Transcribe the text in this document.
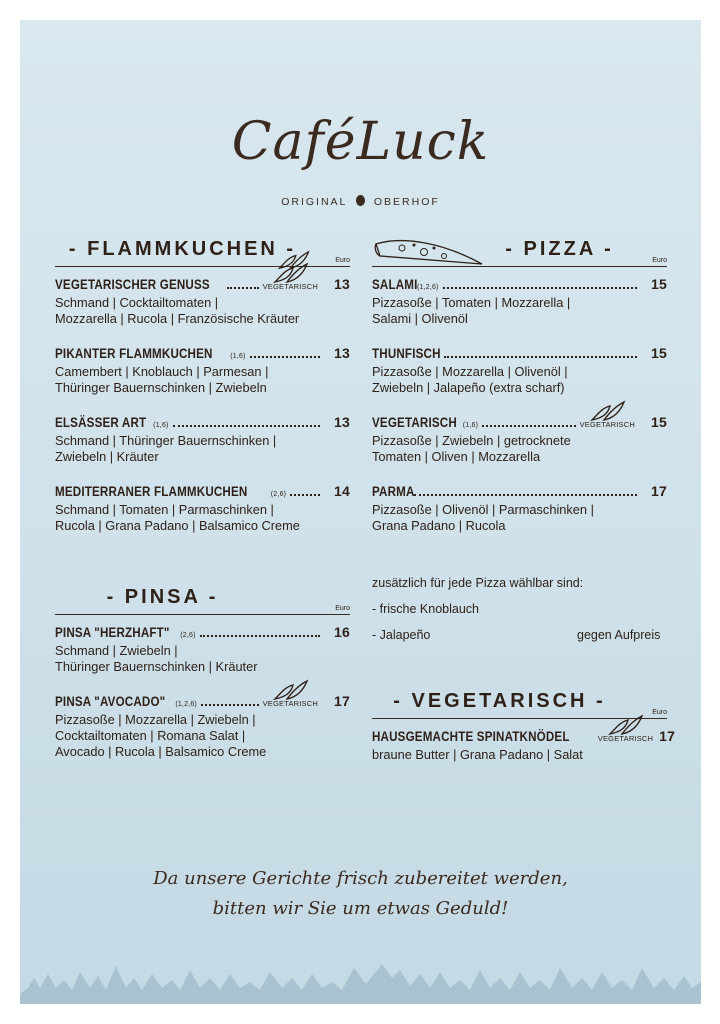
CaféLuck
ORIGINAL	OBERHOF
- FLAMMKUCHEN -
Euro
VEGETARISCHER GENUSS	VEGETARISCH	13
Schmand | Cocktailtomaten |
Mozzarella | Rucola | Französische Kräuter
PIKANTER FLAMMKUCHEN	(1,6)	13
Camembert | Knoblauch | Parmesan |
Thüringer Bauernschinken | Zwiebeln
ELSÄSSER ART (1,6)	13
Schmand | Thüringer Bauernschinken |
Zwiebeln | Kräuter
MEDITERRANER FLAMMKUCHEN	(2,6)	14
Schmand | Tomaten | Parmaschinken |
Rucola | Grana Padano | Balsamico Creme
- PINSA -
Euro
PINSA "HERZHAFT" (2,6)	16
Schmand | Zwiebeln |
Thüringer Bauernschinken | Kräuter
PINSA "AVOCADO" (1,2,6)	VEGETARISCH	17
Pizzasoße | Mozzarella | Zwiebeln |
Cocktailtomaten | Romana Salat |
Avocado | Rucola | Balsamico Creme
- PIZZA -
Euro
SALAMI (1,2,6)	15
Pizzasoße | Tomaten | Mozzarella |
Salami | Olivenöl
THUNFISCH	15
Pizzasoße | Mozzarella | Olivenöl |
Zwiebeln | Jalapeño (extra scharf)
VEGETARISCH (1,6)	VEGETARISCH	15
Pizzasoße | Zwiebeln | getrocknete
Tomaten | Oliven | Mozzarella
PARMA	17
Pizzasoße | Olivenöl | Parmaschinken |
Grana Padano | Rucola
zusätzlich für jede Pizza wählbar sind:
- frische Knoblauch
- Jalapeño	gegen Aufpreis
- VEGETARISCH -
Euro
HAUSGEMACHTE SPINATKNÖDEL	VEGETARISCH 17
braune Butter | Grana Padano | Salat
Da unsere Gerichte frisch zubereitet werden,
bitten wir Sie um etwas Geduld!
